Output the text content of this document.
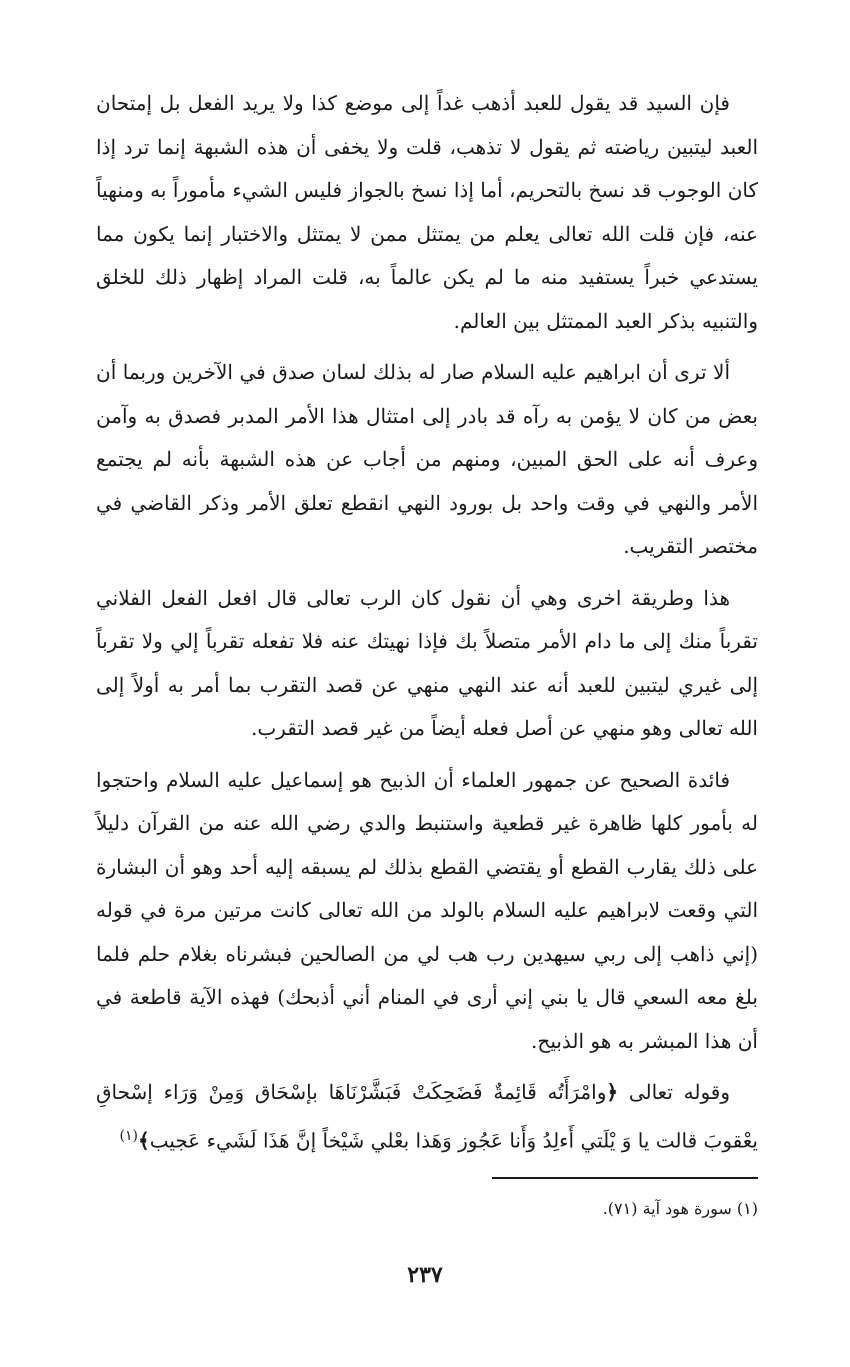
فإن السيد قد يقول للعبد أذهب غداً إلى موضع كذا ولا يريد الفعل بل إمتحان العبد ليتبين رياضته ثم يقول لا تذهب، قلت ولا يخفى أن هذه الشبهة إنما ترد إذا كان الوجوب قد نسخ بالتحريم، أما إذا نسخ بالجواز فليس الشيء مأموراً به ومنهياً عنه، فإن قلت الله تعالى يعلم من يمتثل ممن لا يمتثل والاختبار إنما يكون مما يستدعي خبراً يستفيد منه ما لم يكن عالماً به، قلت المراد إظهار ذلك للخلق والتنبيه بذكر العبد الممتثل بين العالم.

ألا ترى أن ابراهيم عليه السلام صار له بذلك لسان صدق في الآخرين وربما أن بعض من كان لا يؤمن به رآه قد بادر إلى امتثال هذا الأمر المدبر فصدق به وآمن وعرف أنه على الحق المبين، ومنهم من أجاب عن هذه الشبهة بأنه لم يجتمع الأمر والنهي في وقت واحد بل بورود النهي انقطع تعلق الأمر وذكر القاضي في مختصر التقريب.

هذا وطريقة اخرى وهي أن نقول كان الرب تعالى قال افعل الفعل الفلاني تقرباً منك إلى ما دام الأمر متصلاً بك فإذا نهيتك عنه فلا تفعله تقرباً إلي ولا تقرباً إلى غيري ليتبين للعبد أنه عند النهي منهي عن قصد التقرب بما أمر به أولاً إلى الله تعالى وهو منهي عن أصل فعله أيضاً من غير قصد التقرب.

فائدة الصحيح عن جمهور العلماء أن الذبيح هو إسماعيل عليه السلام واحتجوا له بأمور كلها ظاهرة غير قطعية واستنبط والدي رضي الله عنه من القرآن دليلاً على ذلك يقارب القطع أو يقتضي القطع بذلك لم يسبقه إليه أحد وهو أن البشارة التي وقعت لابراهيم عليه السلام بالولد من الله تعالى كانت مرتين مرة في قوله (إني ذاهب إلى ربي سيهدين رب هب لي من الصالحين فبشرناه بغلام حلم فلما بلغ معه السعي قال يا بني إني أرى في المنام أني أذبحك) فهذه الآية قاطعة في أن هذا المبشر به هو الذبيح.

وقوله تعالى ﴿وامْرَأَتُه قَائِمةٌ فَضَحِكَتْ فَبَشَّرْنَاهَا بإسْحَاق وَمِنْ وَرَاء إسْحاقِ يعْقوبَ قالت يا وَ يْلَتي أَءلِدُ وَأَنا عَجُوز وَهَذا بعْلي شَيْخاً إنَّ هَذَا لَشَيء عَجيب﴾$^{(١)}$

(١) سورة هود آية (٧١).
٢٣٧
